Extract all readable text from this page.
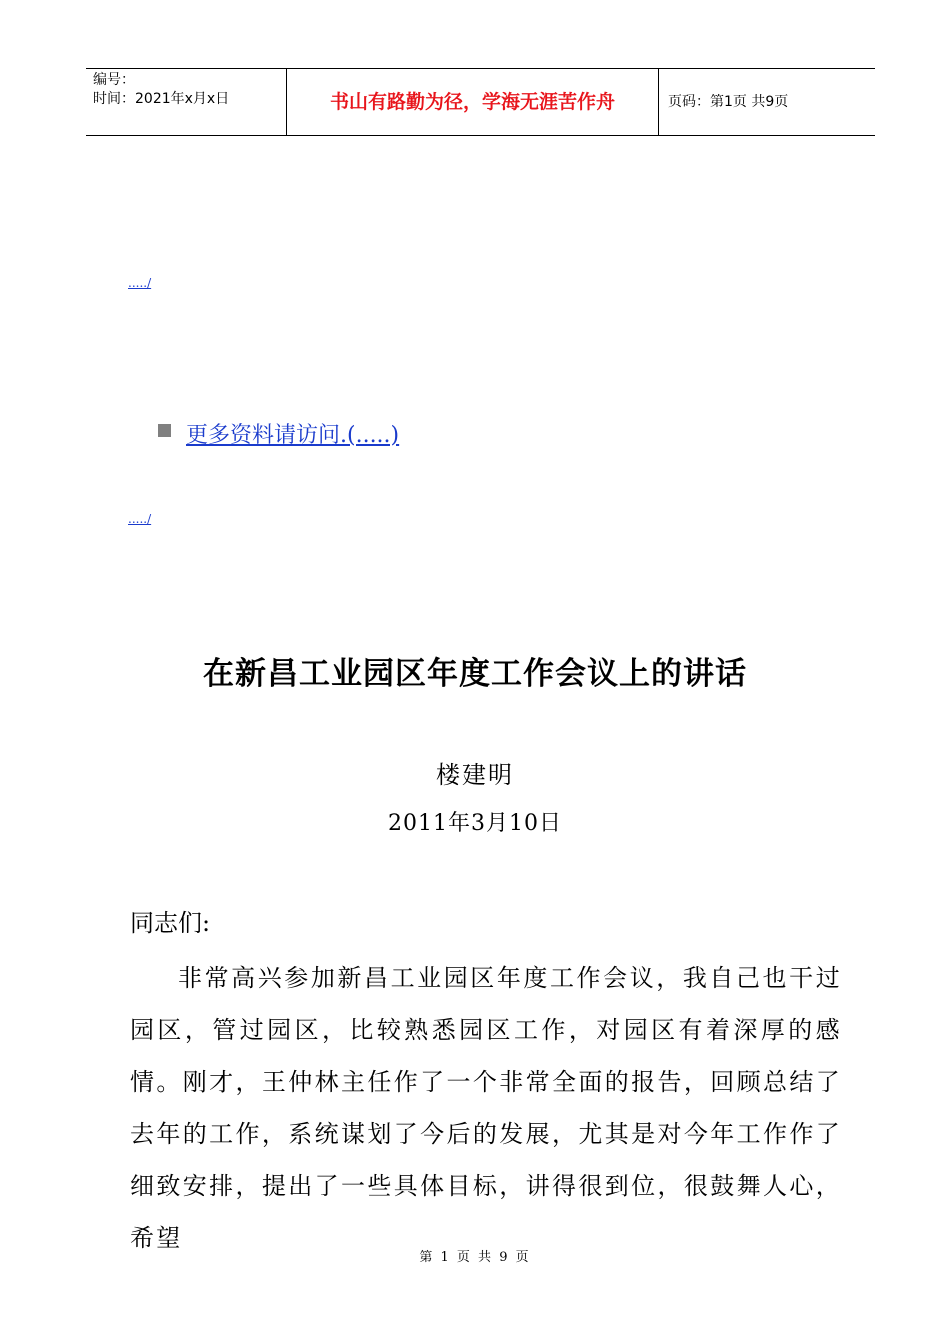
编号：
时间：2021年x月x日	书山有路勤为径，学海无涯苦作舟	页码：第1页 共9页
...../
更多资料请访问.(.....)
...../
在新昌工业园区年度工作会议上的讲话
楼建明
2011年3月10日
同志们:
非常高兴参加新昌工业园区年度工作会议，我自己也干过园区，管过园区，比较熟悉园区工作，对园区有着深厚的感情。刚才，王仲林主任作了一个非常全面的报告，回顾总结了去年的工作，系统谋划了今后的发展，尤其是对今年工作作了细致安排，提出了一些具体目标，讲得很到位，很鼓舞人心，希望
第 1 页 共 9 页
